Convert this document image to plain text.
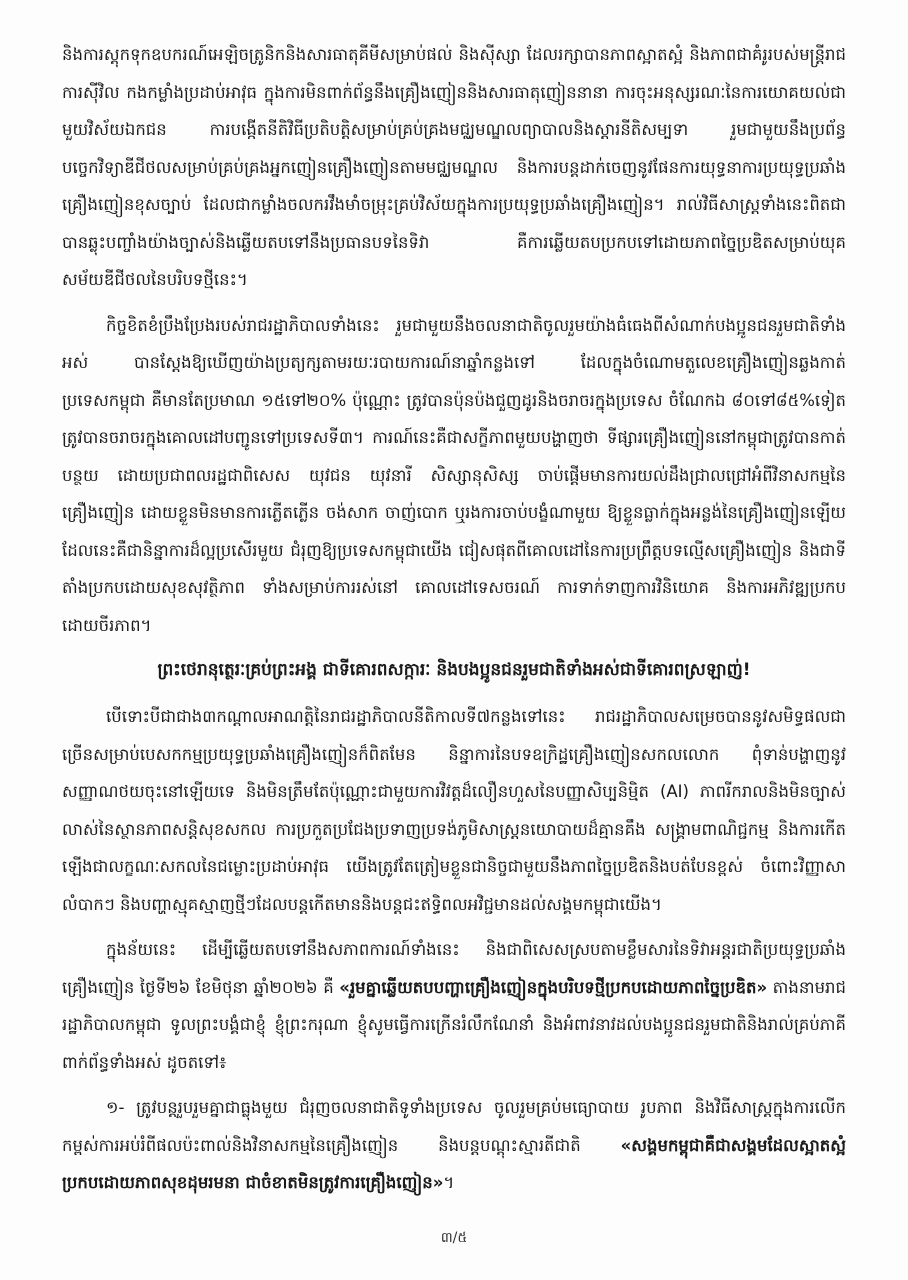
និងការស្តុកទុកឧបករណ៍អេឡិចត្រូនិកនិងសារធាតុគីមីសម្រាប់ផល់ និងស៊ីស្សា ដែលរក្សាបានភាពស្អាតស្អំ និងភាពជាគំរូរបស់មន្ត្រីរាជការស៊ីវិល កងកម្លាំងប្រដាប់អាវុធ ក្នុងការមិនពាក់ព័ន្ធនឹងគ្រឿងញៀននិងសារធាតុញៀននានា ការចុះអនុស្សរណៈនៃការយោគយល់ជាមួយវិស័យឯកជន ការបង្កើតនីតិវិធីប្រតិបត្តិសម្រាប់គ្រប់គ្រងមជ្ឈមណ្ឌលព្យាបាលនិងស្តារនីតិសម្បទា រួមជាមួយនឹងប្រព័ន្ធបច្ចេកវិទ្យាឌីជីថលសម្រាប់គ្រប់គ្រងអ្នកញៀនគ្រឿងញៀនតាមមជ្ឈមណ្ឌល និងការបន្តដាក់ចេញនូវផែនការយុទ្ធនាការប្រយុទ្ធប្រឆាំងគ្រឿងញៀនខុសច្បាប់ ដែលជាកម្លាំងចលករវឹងមាំចម្រុះគ្រប់វិស័យក្នុងការប្រយុទ្ធប្រឆាំងគ្រឿងញៀន។ រាល់វិធីសាស្ត្រទាំងនេះពិតជាបានឆ្លុះបញ្ចាំងយ៉ាងច្បាស់និងឆ្លើយតបទៅនឹងប្រធានបទនៃទិវា គឺការឆ្លើយតបប្រកបទៅដោយភាពច្នៃប្រឌិតសម្រាប់យុគសម័យឌីជីថលនៃបរិបទថ្មីនេះ។

កិច្ចខិតខំប្រឹងប្រែងរបស់រាជរដ្ឋាភិបាលទាំងនេះ រួមជាមួយនឹងចលនាជាតិចូលរួមយ៉ាងធំធេងពីសំណាក់បងប្អូនជនរួមជាតិទាំងអស់ បានស្តែងឱ្យឃើញយ៉ាងប្រត្យក្សតាមរយៈរបាយការណ៍នាឆ្នាំកន្លងទៅ ដែលក្នុងចំណោមតួលេខគ្រឿងញៀនឆ្លងកាត់ប្រទេសកម្ពុជា គឺមានតែប្រមាណ ១៥ទៅ២០% ប៉ុណ្ណោះ ត្រូវបានប៉ុនប៉ងជួញដូរនិងចរាចរក្នុងប្រទេស ចំណែកឯ ៨០ទៅ៨៥%ទៀត ត្រូវបានចរាចរក្នុងគោលដៅបញ្ជូនទៅប្រទេសទី៣។ ការណ៍នេះគឺជាសក្ខីភាពមួយបង្ហាញថា ទីផ្សារគ្រឿងញៀននៅកម្ពុជាត្រូវបានកាត់បន្ថយ ដោយប្រជាពលរដ្ឋជាពិសេស យុវជន យុវនារី សិស្សានុសិស្ស ចាប់ផ្តើមមានការយល់ដឹងជ្រាលជ្រៅអំពីវិនាសកម្មនៃគ្រឿងញៀន ដោយខ្លួនមិនមានការភ្លើតភ្លើន ចង់សាក ចាញ់បោក ឬរងការចាប់បង្ខំណាមួយ ឱ្យខ្លួនធ្លាក់ក្នុងអន្លង់នៃគ្រឿងញៀនឡើយ ដែលនេះគឺជានិន្នាការដ៏ល្អប្រសើរមួយ ជំរុញឱ្យប្រទេសកម្ពុជាយើង ជៀសផុតពីគោលដៅនៃការប្រព្រឹត្តបទល្មើសគ្រឿងញៀន និងជាទីតាំងប្រកបដោយសុខសុវត្ថិភាព ទាំងសម្រាប់ការរស់នៅ គោលដៅទេសចរណ៍ ការទាក់ទាញការវិនិយោគ និងការអភិវឌ្ឍប្រកបដោយចីរភាព។

ព្រះថេរានុត្ថេរៈគ្រប់ព្រះអង្គ ជាទីគោរពសក្ការៈ និងបងប្អូនជនរួមជាតិទាំងអស់ជាទីគោរពស្រឡាញ់!

បើទោះបីជាជាង៣កណ្តាលអាណត្តិនៃរាជរដ្ឋាភិបាលនីតិកាលទី៧កន្លងទៅនេះ រាជរដ្ឋាភិបាលសម្រេចបាននូវសមិទ្ធផលជាច្រើនសម្រាប់បេសកកម្មប្រយុទ្ធប្រឆាំងគ្រឿងញៀនក៏ពិតមែន និន្នាការនៃបទឧក្រិដ្ឋគ្រឿងញៀនសកលលោក ពុំទាន់បង្ហាញនូវសញ្ញាណថយចុះនៅឡើយទេ និងមិនត្រឹមតែប៉ុណ្ណោះជាមួយការវិវត្តដ៏លឿនហួសនៃបញ្ញាសិប្បនិម្មិត (AI) ភាពរីករាលនិងមិនច្បាស់លាស់នៃស្ថានភាពសន្តិសុខសកល ការប្រកួតប្រជែងប្រទាញប្រទង់ភូមិសាស្ត្រនយោបាយដ៏គ្មានគឹង សង្គ្រាមពាណិជ្ជកម្ម និងការកើតឡើងជាលក្ខណៈសកលនៃជម្លោះប្រដាប់អាវុធ យើងត្រូវតែត្រៀមខ្លួនជានិច្ចជាមួយនឹងភាពច្នៃប្រឌិតនិងបត់បែនខ្ពស់ ចំពោះវិញ្ញាសាលំបាកៗ និងបញ្ហាស្មុគស្មាញថ្មីៗដែលបន្តកើតមាននិងបន្តជះឥទ្ធិពលអវិជ្ជមានដល់សង្គមកម្ពុជាយើង។

ក្នុងន័យនេះ ដើម្បីឆ្លើយតបទៅនឹងសភាពការណ៍ទាំងនេះ និងជាពិសេសស្របតាមខ្លឹមសារនៃទិវាអន្តរជាតិប្រយុទ្ធប្រឆាំងគ្រឿងញៀន ថ្ងៃទី២៦ ខែមិថុនា ឆ្នាំ២០២៦ គឺ «រួមគ្នាឆ្លើយតបបញ្ហាគ្រឿងញៀនក្នុងបរិបទថ្មីប្រកបដោយភាពច្នៃប្រឌិត» តាងនាមរាជរដ្ឋាភិបាលកម្ពុជា ទូលព្រះបង្គំជាខ្ញុំ ខ្ញុំព្រះករុណា ខ្ញុំសូមធ្វើការក្រើនរំលឹកណែនាំ និងអំពាវនាវដល់បងប្អូនជនរួមជាតិនិងរាល់គ្រប់ភាគីពាក់ព័ន្ធទាំងអស់ ដូចតទៅ៖

១- ត្រូវបន្តរួបរួមគ្នាជាធ្លុងមួយ ជំរុញចលនាជាតិទូទាំងប្រទេស ចូលរួមគ្រប់មធ្យោបាយ រូបភាព និងវិធីសាស្ត្រក្នុងការលើកកម្ពស់ការអប់រំពីផលប៉ះពាល់និងវិនាសកម្មនៃគ្រឿងញៀន និងបន្តបណ្តុះស្មារតីជាតិ «សង្គមកម្ពុជាគឺជាសង្គមដែលស្អាតស្អំប្រកបដោយភាពសុខដុមរមនា ជាចំខាតមិនត្រូវការគ្រឿងញៀន»។

៣/៥
